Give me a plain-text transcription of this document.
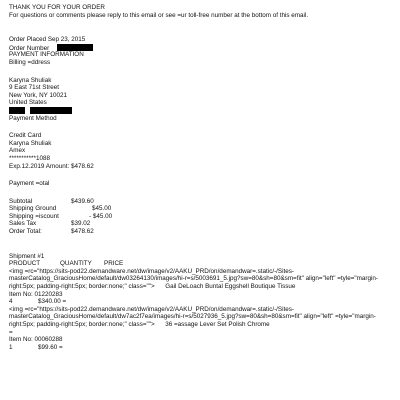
THANK YOU FOR YOUR ORDER
For questions or comments please reply to this email or see =ur toll-free number at the bottom of this email.
Order Placed Sep 23, 2015
Order Number
PAYMENT INFORMATION
Billing =ddress
Karyna Shuliak
9 East 71st Street
New York, NY 10021
United States

Payment Method
Credit Card
Karyna Shuliak
Amex
***********1088
Exp.12.2019 Amount: $478.62
Payment =otal
Subtotal	$439.60
Shipping Ground	$45.00
Shipping =iscount	- $45.00
Sales Tax	$39.02
Order Total:	$478.62
Shipment #1
PRODUCT	QUANTITY	PRICE
<img =rc="https://sits-pod22.demandware.net/dw/image/v2/AAKU_PRD/on/demandwar=.static/-/Sites-masterCatalog_GraciousHome/default/dw03264130/images/hi-r=s/5003691_5.jpg?sw=80&sh=80&sm=fit" align="left" =tyle="margin-right:5px; padding-right:5px; border:none;" class=""> Gail DeLoach Buntal Eggshell Boutique Tissue
Item No: 01220283
4	$340.00 =
<img =rc="https://sits-pod22.demandware.net/dw/image/v2/AAKU_PRD/on/demandwar=.static/-/Sites-masterCatalog_GraciousHome/default/dw7ac2f7ea/images/hi-r=s/5027936_5.jpg?sw=80&sh=80&sm=fit" align="left" =tyle="margin-right:5px; padding-right:5px; border:none;" class=""> 36 =assage Lever Set Polish Chrome
=
Item No: 00060288
1	$99.60 =
